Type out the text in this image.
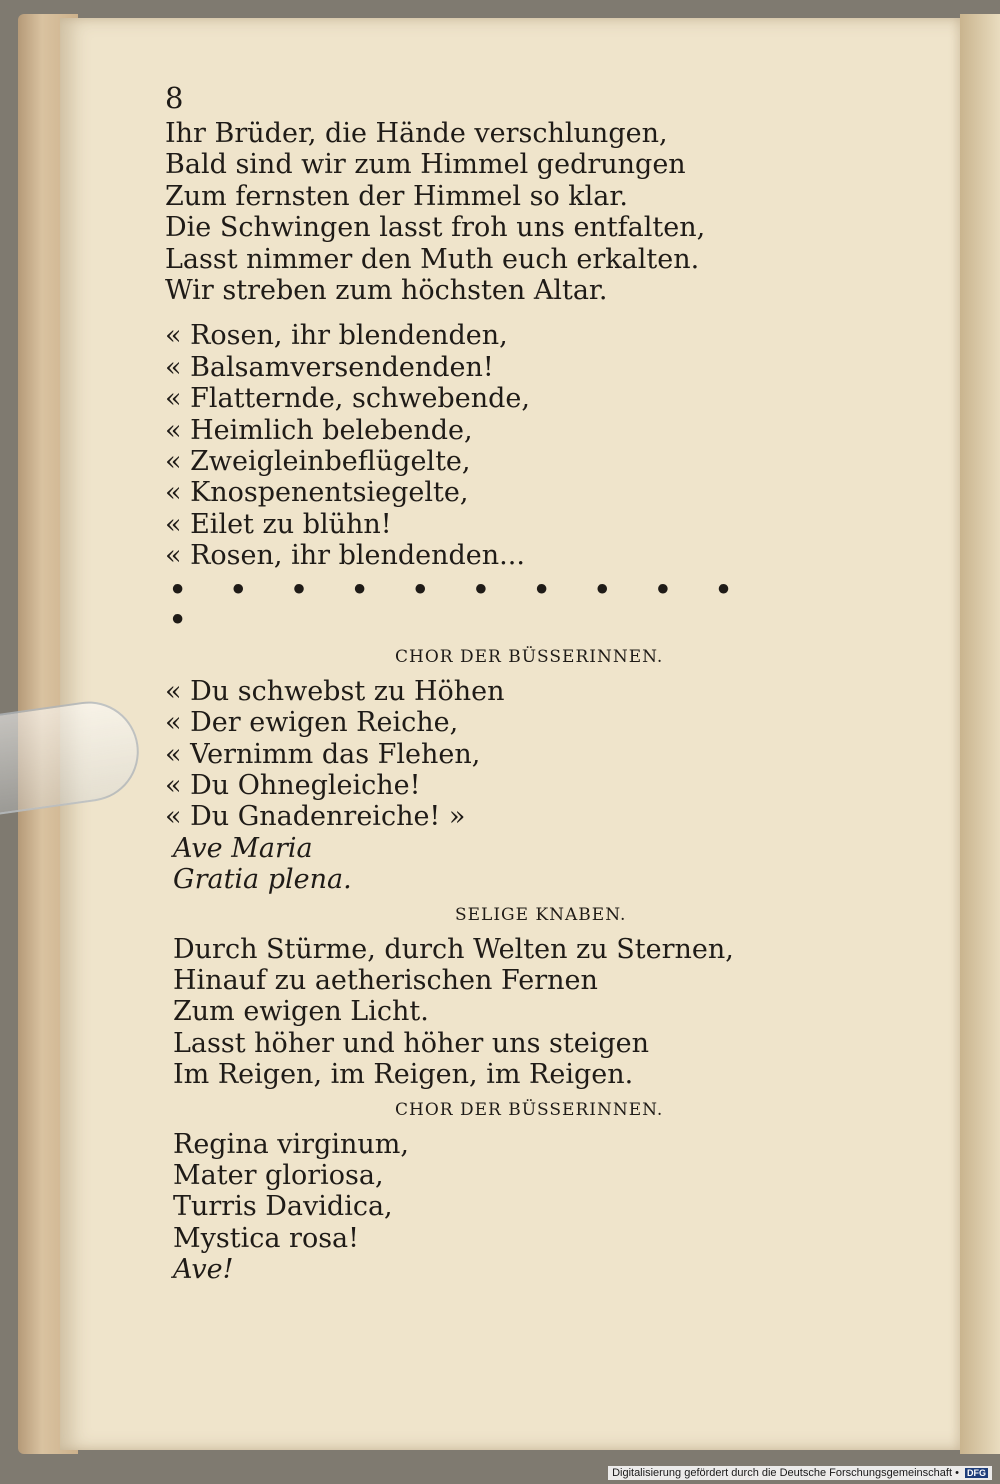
8
Ihr Brüder, die Hände verschlungen,
Bald sind wir zum Himmel gedrungen
Zum fernsten der Himmel so klar.
Die Schwingen lasst froh uns entfalten,
Lasst nimmer den Muth euch erkalten.
Wir streben zum höchsten Altar.
« Rosen, ihr blendenden,
« Balsamversendenden!
« Flatternde, schwebende,
« Heimlich belebende,
« Zweigleinbeflügelte,
« Knospenentsiegelte,
« Eilet zu blühn!
« Rosen, ihr blendenden...
• • • • • • • • • • •
CHOR DER BÜSSERINNEN.
« Du schwebst zu Höhen
« Der ewigen Reiche,
« Vernimm das Flehen,
« Du Ohnegleiche!
« Du Gnadenreiche! »
Ave Maria
Gratia plena.
SELIGE KNABEN.
Durch Stürme, durch Welten zu Sternen,
Hinauf zu aetherischen Fernen
Zum ewigen Licht.
Lasst höher und höher uns steigen
Im Reigen, im Reigen, im Reigen.
CHOR DER BÜSSERINNEN.
Regina virginum,
Mater gloriosa,
Turris Davidica,
Mystica rosa!
Ave!
Digitalisierung gefördert durch die Deutsche Forschungsgemeinschaft • DFG
